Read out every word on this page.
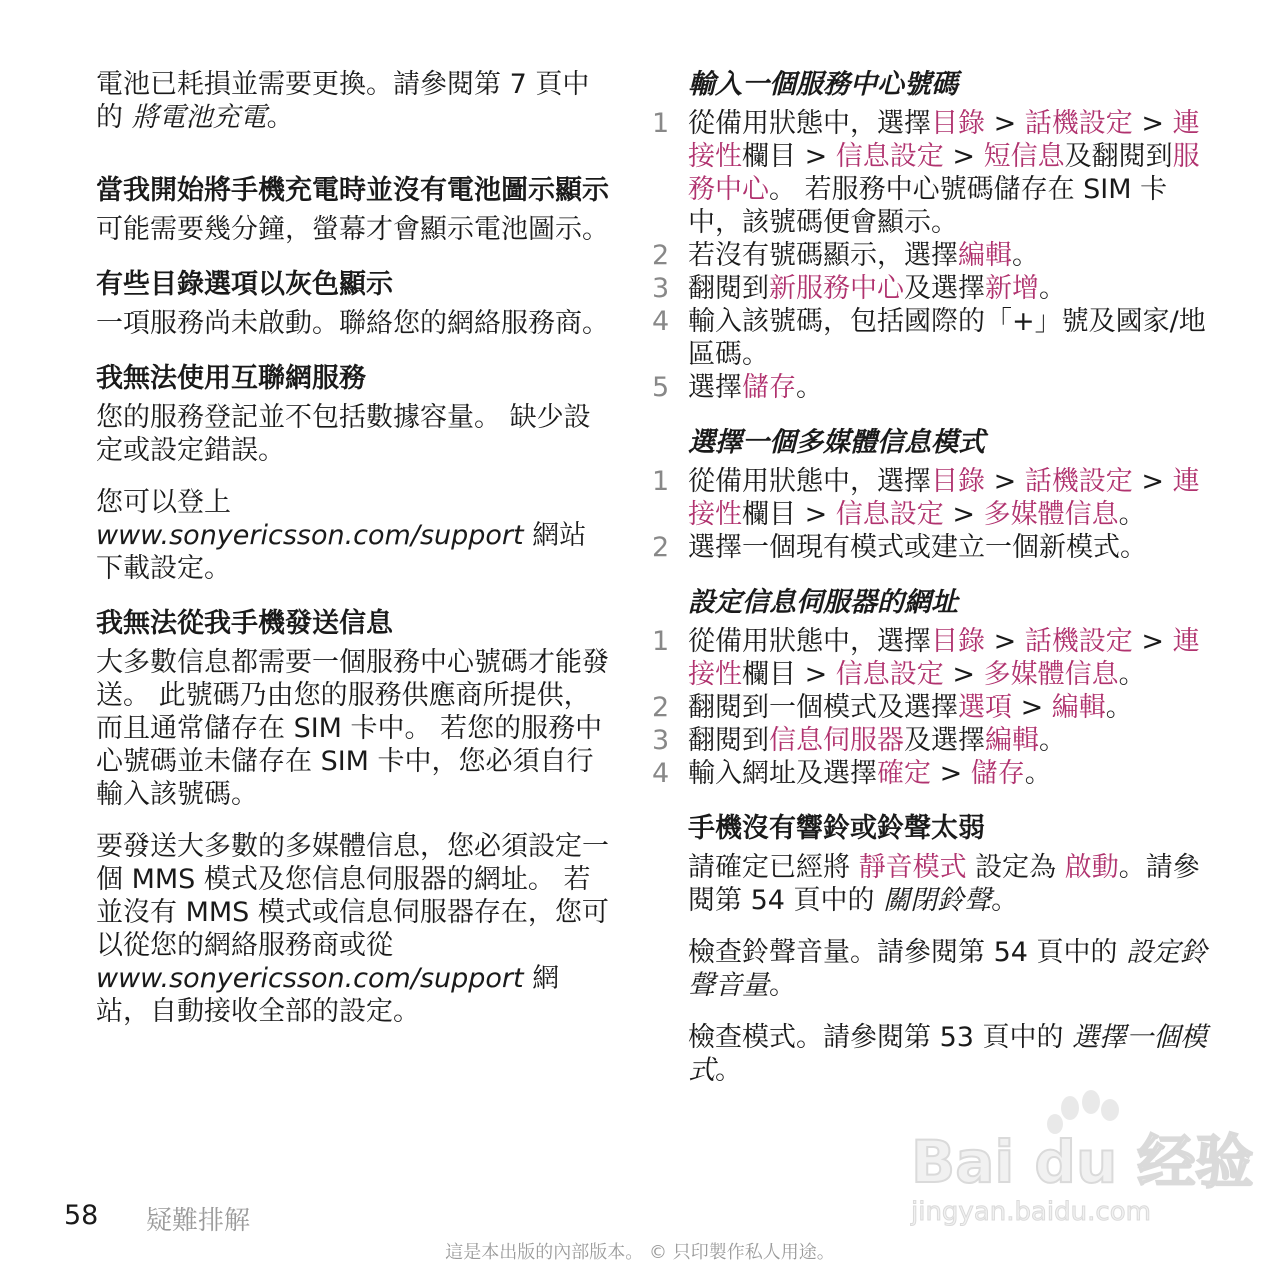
電池已耗損並需要更換。請參閱第 7 頁中的 將電池充電。

當我開始將手機充電時並沒有電池圖示顯示

可能需要幾分鐘，螢幕才會顯示電池圖示。

有些目錄選項以灰色顯示

一項服務尚未啟動。聯絡您的網絡服務商。

我無法使用互聯網服務

您的服務登記並不包括數據容量。 缺少設定或設定錯誤。

您可以登上
www.sonyericsson.com/support 網站下載設定。

我無法從我手機發送信息

大多數信息都需要一個服務中心號碼才能發送。 此號碼乃由您的服務供應商所提供，而且通常儲存在 SIM 卡中。 若您的服務中心號碼並未儲存在 SIM 卡中，您必須自行輸入該號碼。

要發送大多數的多媒體信息，您必須設定一個 MMS 模式及您信息伺服器的網址。 若並沒有 MMS 模式或信息伺服器存在，您可以從您的網絡服務商或從 www.sonyericsson.com/support 網站，自動接收全部的設定。

輸入一個服務中心號碼
1 從備用狀態中，選擇目錄 > 話機設定 > 連接性欄目 > 信息設定 > 短信息及翻閱到服務中心。 若服務中心號碼儲存在 SIM 卡中，該號碼便會顯示。
2 若沒有號碼顯示，選擇編輯。
3 翻閱到新服務中心及選擇新增。
4 輸入該號碼，包括國際的「+」號及國家/地區碼。
5 選擇儲存。
選擇一個多媒體信息模式
1 從備用狀態中，選擇目錄 > 話機設定 > 連接性欄目 > 信息設定 > 多媒體信息。
2 選擇一個現有模式或建立一個新模式。
設定信息伺服器的網址
1 從備用狀態中，選擇目錄 > 話機設定 > 連接性欄目 > 信息設定 > 多媒體信息。
2 翻閱到一個模式及選擇選項 > 編輯。
3 翻閱到信息伺服器及選擇編輯。
4 輸入網址及選擇確定 > 儲存。
手機沒有響鈴或鈴聲太弱

請確定已經將 靜音模式 設定為 啟動。請參閱第 54 頁中的 關閉鈴聲。

檢查鈴聲音量。請參閱第 54 頁中的 設定鈴聲音量。

檢查模式。請參閱第 53 頁中的 選擇一個模式。

Bai du 经验
jingyan.baidu.com
58 疑難排解
這是本出版的內部版本。 © 只印製作私人用途。
